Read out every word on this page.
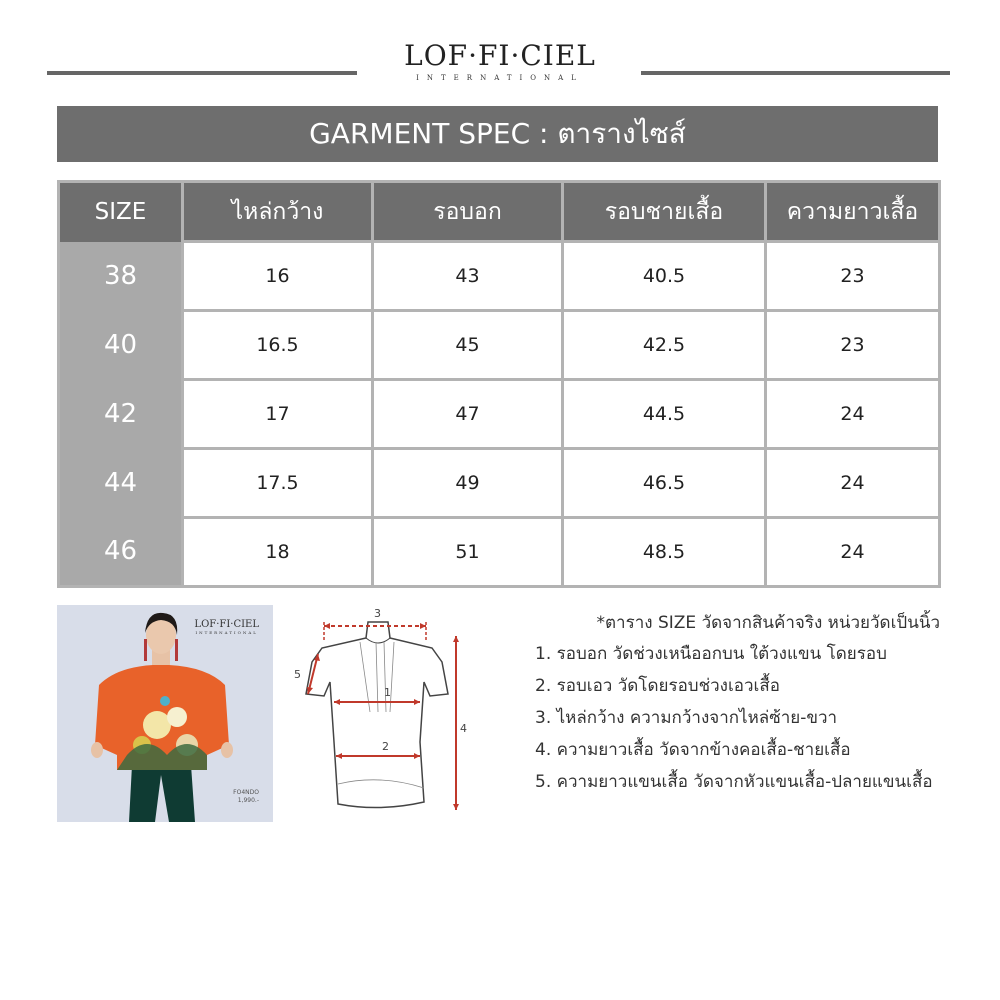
LOF·FI·CIEL
INTERNATIONAL
GARMENT SPEC : ตารางไซส์
SIZE	ไหล่กว้าง	รอบอก	รอบชายเสื้อ	ความยาวเสื้อ
38	16	43	40.5	23
40	16.5	45	42.5	23
42	17	47	44.5	24
44	17.5	49	46.5	24
46	18	51	48.5	24
LOF·FI·CIEL
INTERNATIONAL
FO4NDO
1,990.-
3
1
2
4
5
*ตาราง SIZE วัดจากสินค้าจริง หน่วยวัดเป็นนิ้ว
1. รอบอก วัดช่วงเหนืออกบน ใต้วงแขน โดยรอบ
2. รอบเอว วัดโดยรอบช่วงเอวเสื้อ
3. ไหล่กว้าง ความกว้างจากไหล่ซ้าย-ขวา
4. ความยาวเสื้อ วัดจากข้างคอเสื้อ-ชายเสื้อ
5. ความยาวแขนเสื้อ วัดจากหัวแขนเสื้อ-ปลายแขนเสื้อ
